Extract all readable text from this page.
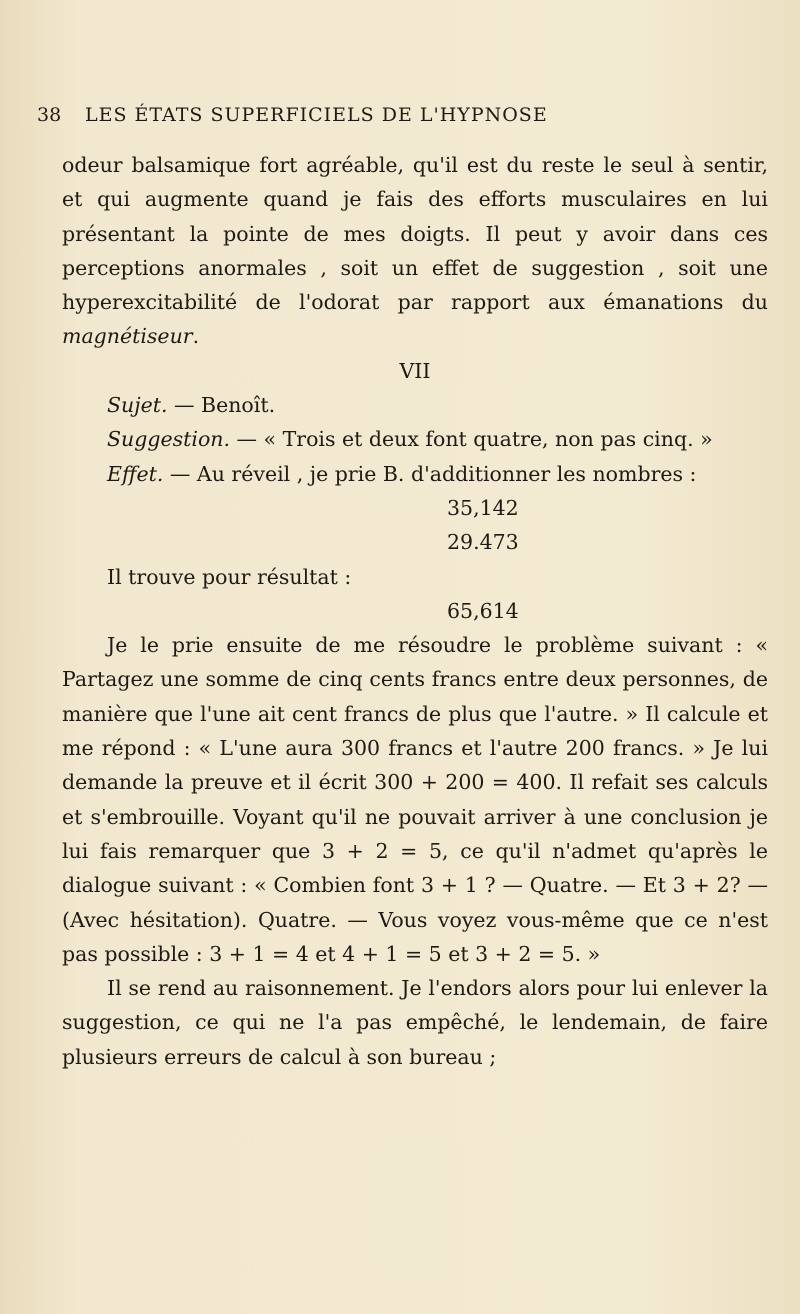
38 LES ÉTATS SUPERFICIELS DE L'HYPNOSE

odeur balsamique fort agréable, qu'il est du reste le seul à sentir, et qui augmente quand je fais des efforts musculaires en lui présentant la pointe de mes doigts. Il peut y avoir dans ces perceptions anormales , soit un effet de suggestion , soit une hyperexcitabilité de l'odorat par rapport aux émanations du magnétiseur.

VII

Sujet. — Benoît.

Suggestion. — « Trois et deux font quatre, non pas cinq. »

Effet. — Au réveil , je prie B. d'additionner les nombres :

35,142

29.473

Il trouve pour résultat :

65,614

Je le prie ensuite de me résoudre le problème suivant : « Partagez une somme de cinq cents francs entre deux personnes, de manière que l'une ait cent francs de plus que l'autre. » Il calcule et me répond : « L'une aura 300 francs et l'autre 200 francs. » Je lui demande la preuve et il écrit 300 + 200 = 400. Il refait ses calculs et s'embrouille. Voyant qu'il ne pouvait arriver à une conclusion je lui fais remarquer que 3 + 2 = 5, ce qu'il n'admet qu'après le dialogue suivant : « Combien font 3 + 1 ? — Quatre. — Et 3 + 2? — (Avec hésitation). Quatre. — Vous voyez vous-même que ce n'est pas possible : 3 + 1 = 4 et 4 + 1 = 5 et 3 + 2 = 5. »

Il se rend au raisonnement. Je l'endors alors pour lui enlever la suggestion, ce qui ne l'a pas empêché, le lendemain, de faire plusieurs erreurs de calcul à son bureau ;
